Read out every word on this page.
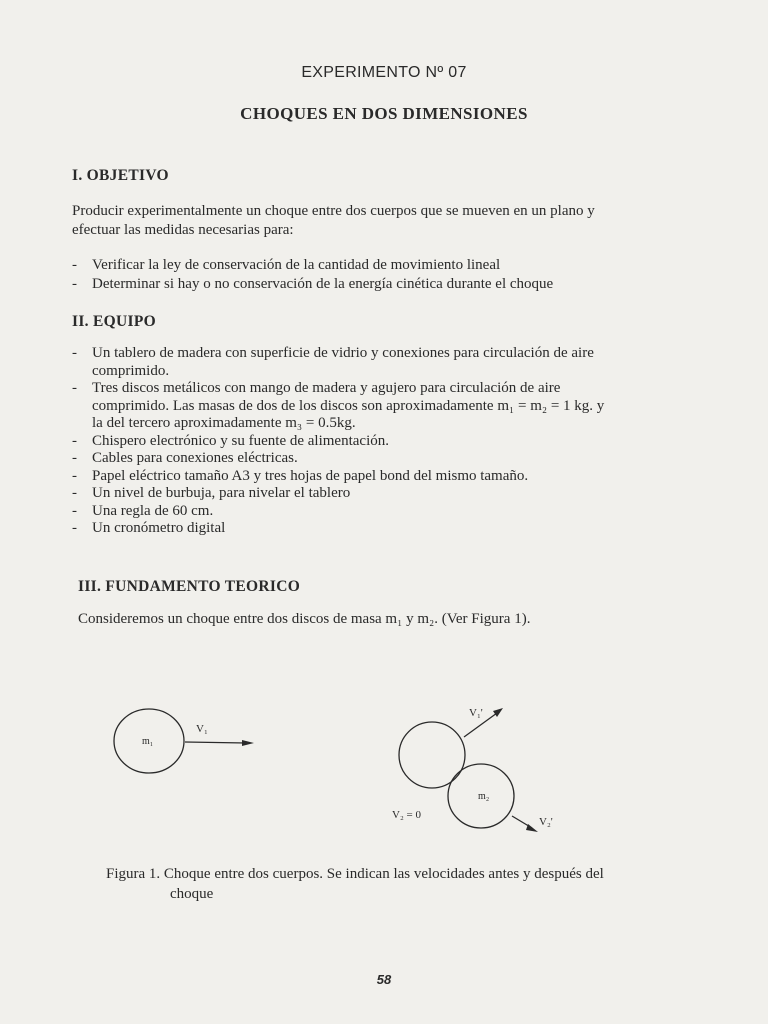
EXPERIMENTO Nº 07
CHOQUES EN DOS DIMENSIONES
I. OBJETIVO
Producir experimentalmente un choque entre dos cuerpos que se mueven en un plano y
efectuar las medidas necesarias para:
- Verificar la ley de conservación de la cantidad de movimiento lineal
- Determinar si hay o no conservación de la energía cinética durante el choque
II. EQUIPO
- Un tablero de madera con superficie de vidrio y conexiones para circulación de aire
comprimido.
- Tres discos metálicos con mango de madera y agujero para circulación de aire
comprimido. Las masas de dos de los discos son aproximadamente m₁ = m₂ = 1 kg. y
la del tercero aproximadamente m₃ = 0.5kg.
- Chispero electrónico y su fuente de alimentación.
- Cables para conexiones eléctricas.
- Papel eléctrico tamaño A3 y tres hojas de papel bond del mismo tamaño.
- Un nivel de burbuja, para nivelar el tablero
- Una regla de 60 cm.
- Un cronómetro digital
III. FUNDAMENTO TEORICO
Consideremos un choque entre dos discos de masa m₁ y m₂. (Ver Figura 1).
m₁
V₁
m₂
V₁'
V₂'
V₂ = 0
Figura 1. Choque entre dos cuerpos. Se indican las velocidades antes y después del
choque
58
